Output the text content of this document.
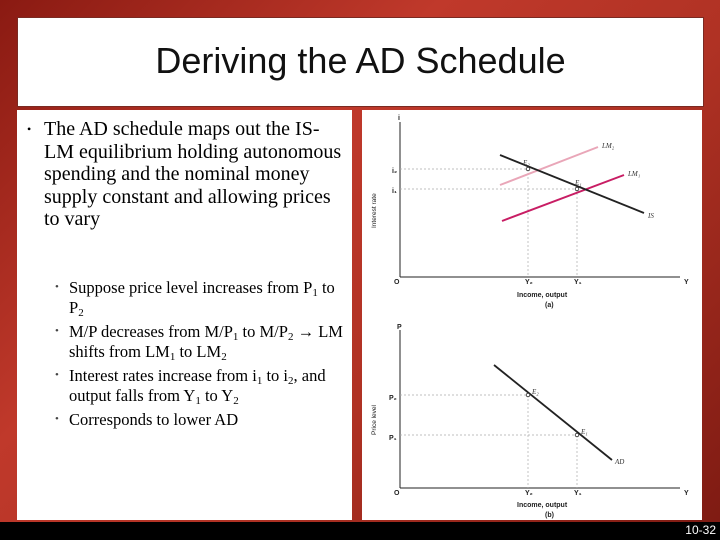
Deriving the AD Schedule
• The AD schedule maps out the IS-LM equilibrium holding autonomous spending and the nominal money supply constant and allowing prices to vary
• Suppose price level increases from $P_1$ to $P_2$
• M/P decreases from $M/P_1$ to $M/P_2$ → LM shifts from $LM_1$ to $LM_2$
• Interest rates increase from $i_1$ to $i_2$, and output falls from $Y_1$ to $Y_2$
• Corresponds to lower AD
i
Interest rate
i₂
i₁
O	Y₂	Y₁	Y
Income, output
(a)
LM₂
LM₁
IS
E₂
E₁
P
Price level
P₂
P₁
O	Y₂	Y₁	Y
Income, output
(b)
AD
E₂
E₁
10-32
